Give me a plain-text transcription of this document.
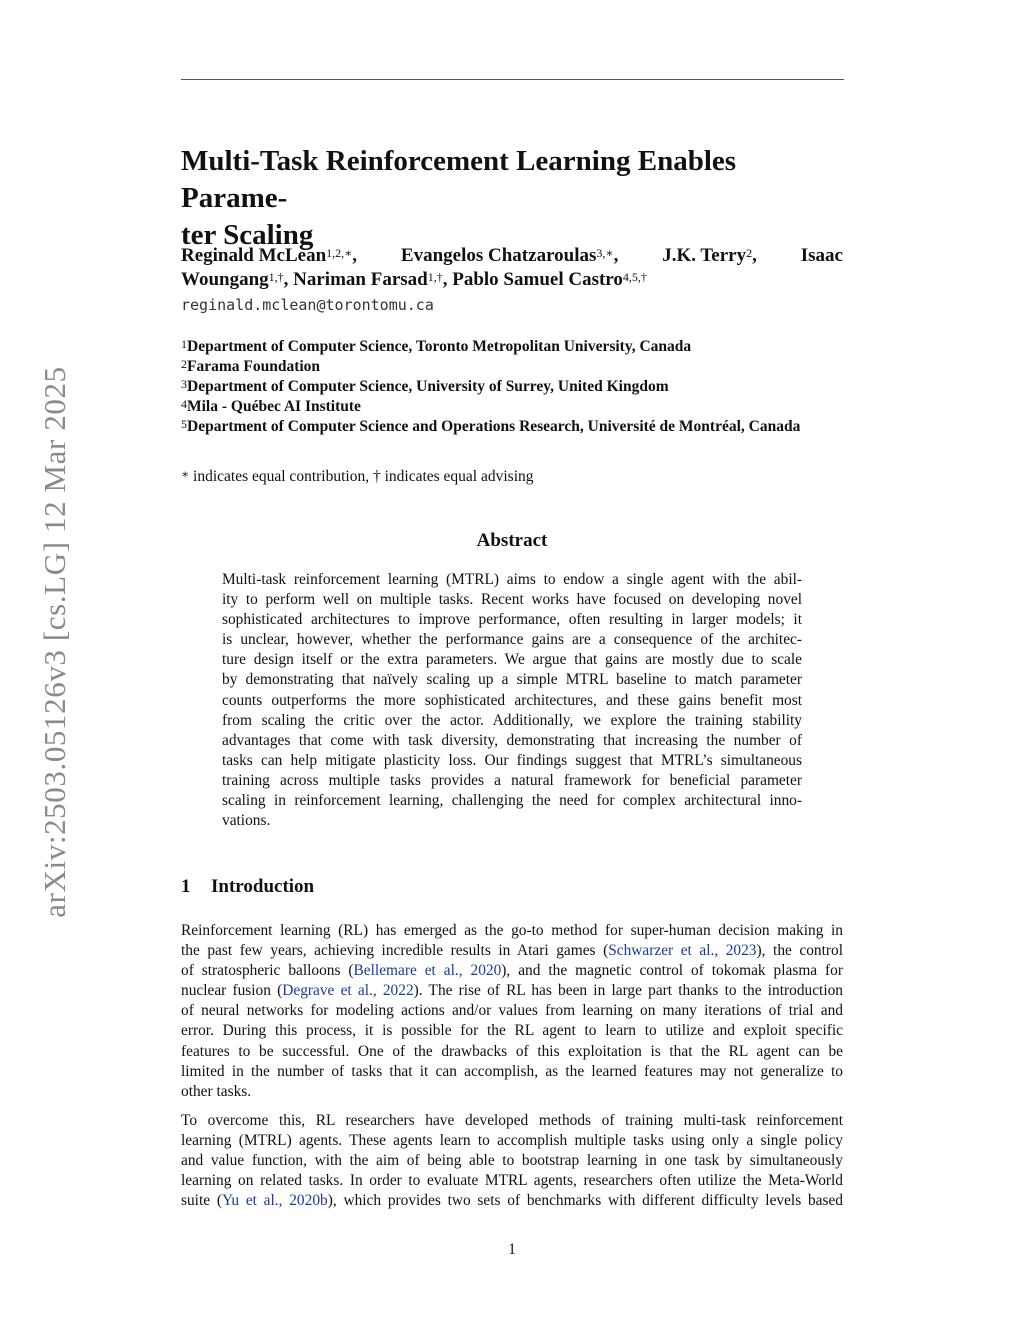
arXiv:2503.05126v3 [cs.LG] 12 Mar 2025
Multi-Task Reinforcement Learning Enables Parame-
ter Scaling
Reginald McLean$^{1,2,∗}$, Evangelos Chatzaroulas$^{3,∗}$, J.K. Terry$^2$, Isaac
Woungang$^{1,\dagger}$, Nariman Farsad$^{1,\dagger}$, Pablo Samuel Castro$^{4,5,\dagger}$
reginald.mclean@torontomu.ca
$^1$Department of Computer Science, Toronto Metropolitan University, Canada
$^2$Farama Foundation
$^3$Department of Computer Science, University of Surrey, United Kingdom
$^4$Mila - Québec AI Institute
$^5$Department of Computer Science and Operations Research, Université de Montréal, Canada
∗ indicates equal contribution, † indicates equal advising
Abstract
Multi-task reinforcement learning (MTRL) aims to endow a single agent with the abil-
ity to perform well on multiple tasks. Recent works have focused on developing novel
sophisticated architectures to improve performance, often resulting in larger models; it
is unclear, however, whether the performance gains are a consequence of the architec-
ture design itself or the extra parameters. We argue that gains are mostly due to scale
by demonstrating that naïvely scaling up a simple MTRL baseline to match parameter
counts outperforms the more sophisticated architectures, and these gains benefit most
from scaling the critic over the actor. Additionally, we explore the training stability
advantages that come with task diversity, demonstrating that increasing the number of
tasks can help mitigate plasticity loss. Our findings suggest that MTRL’s simultaneous
training across multiple tasks provides a natural framework for beneficial parameter
scaling in reinforcement learning, challenging the need for complex architectural inno-
vations.
1 Introduction
Reinforcement learning (RL) has emerged as the go-to method for super-human decision making in
the past few years, achieving incredible results in Atari games (Schwarzer et al., 2023), the control
of stratospheric balloons (Bellemare et al., 2020), and the magnetic control of tokomak plasma for
nuclear fusion (Degrave et al., 2022). The rise of RL has been in large part thanks to the introduction
of neural networks for modeling actions and/or values from learning on many iterations of trial and
error. During this process, it is possible for the RL agent to learn to utilize and exploit specific
features to be successful. One of the drawbacks of this exploitation is that the RL agent can be
limited in the number of tasks that it can accomplish, as the learned features may not generalize to
other tasks.
To overcome this, RL researchers have developed methods of training multi-task reinforcement
learning (MTRL) agents. These agents learn to accomplish multiple tasks using only a single policy
and value function, with the aim of being able to bootstrap learning in one task by simultaneously
learning on related tasks. In order to evaluate MTRL agents, researchers often utilize the Meta-World
suite (Yu et al., 2020b), which provides two sets of benchmarks with different difficulty levels based
1
